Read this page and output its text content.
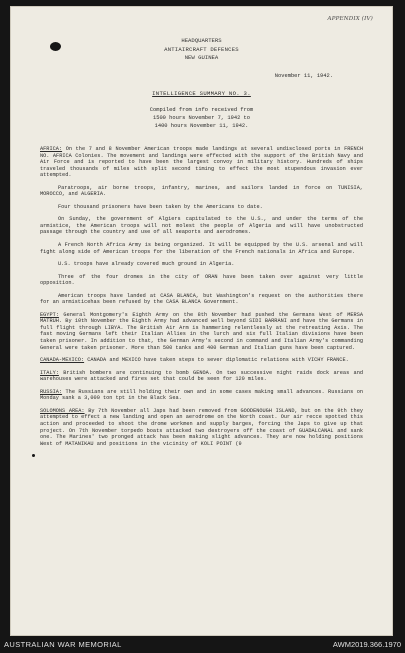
APPENDIX (IV)
HEADQUARTERS
ANTIAIRCRAFT DEFENCES
NEW GUINEA
November 11, 1942.
INTELLIGENCE SUMMARY NO. 3.
Compiled from info received from
1500 hours November 7, 1942 to
1400 hours November 11, 1942.

AFRICA: On the 7 and 8 November American troops made landings at several undisclosed ports in FRENCH NO. AFRICA Colonies. The movement and landings were effected with the support of the British Navy and Air Force and is reported to have been the largest convoy in military history. Hundreds of ships traveled thousands of miles with split second timing to effect the most stupendous invasion ever attempted.

Paratroops, air borne troops, infantry, marines, and sailors landed in force on TUNISIA, MOROCCO, and ALGERIA.

Four thousand prisoners have been taken by the Americans to date.

On Sunday, the government of Algiers capitulated to the U.S., and under the terms of the armistice, the American troops will not molest the people of Algeria and will have unobstructed passage through the country and use of all seaports and aerodromes.

A French North Africa Army is being organized. It will be equipped by the U.S. arsenal and will fight along side of American troops for the liberation of the French nationals in Africa and Europe.

U.S. troops have already covered much ground in Algeria.

Three of the four dromes in the city of ORAN have been taken over against very little opposition.

American troops have landed at CASA BLANCA, but Washington's request on the authorities there for an armisticehas been refused by the CASA BLANCA Government.

EGYPT: General Montgomery's Eighth Army on the 8th November had pushed the Germans West of MERSA MATRUH. By 10th November the Eighth Army had advanced well beyond SIDI BARRANI and have the Germans in full flight through LIBYA. The British Air Arm is hammering relentlessly at the retreating Axis. The fast moving Germans left their Italian Allies in the lurch and six full Italian divisions have been taken prisoner. In addition to that, the German Army's second in command and Italian Army's commanding General were taken prisoner. More than 500 tanks and 400 German and Italian guns have been captured.

CANADA-MEXICO: CANADA and MEXICO have taken steps to sever diplomatic relations with VICHY FRANCE.

ITALY: British bombers are continuing to bomb GENOA. On two successive night raids dock areas and warehouses were attacked and fires set that could be seen for 120 miles.

RUSSIA: The Russians are still holding their own and in some cases making small advances. Russians on Monday sank a 3,000 ton tpt in the Black Sea.

SOLOMONS AREA: By 7th November all Japs had been removed from GOODENOUGH ISLAND, but on the 9th they attempted to effect a new landing and open an aerodrome on the North coast. Our air recce spotted this action and proceeded to shoot the drome workmen and supply barges, forcing the Japs to give up that project. On 7th November torpedo boats attacked two destroyers off the coast of GUADALCANAL and sank one. The Marines' two pronged attack has been making slight advances. They are now holding positions West of MATANIKAU and positions in the vicinity of KOLI POINT (9

AUSTRALIAN WAR MEMORIAL	AWM2019.366.1970
